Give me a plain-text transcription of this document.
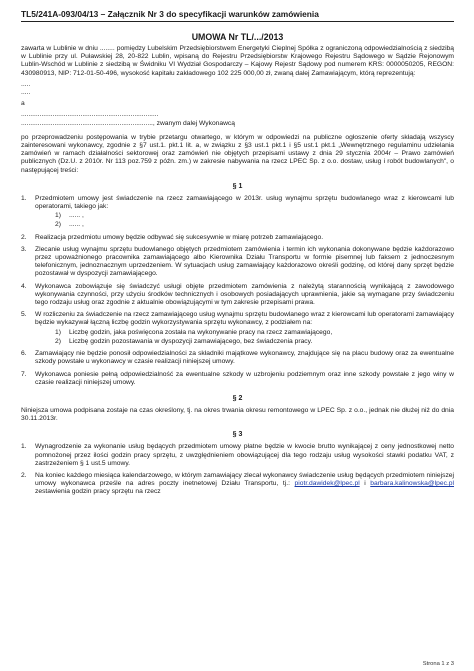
TL5/241A-093/04/13 – Załącznik Nr 3 do specyfikacji warunków zamówienia
UMOWA Nr TL/.../2013

zawarta w Lublinie w dniu ........ pomiędzy Lubelskim Przedsiębiorstwem Energetyki Cieplnej Spółka z ograniczoną odpowiedzialnością z siedzibą w Lublinie przy ul. Puławskiej 28, 20-822 Lublin, wpisaną do Rejestru Przedsiębiorstw Krajowego Rejestru Sądowego w Sądzie Rejonowym Lublin-Wschód w Lublinie z siedzibą w Świdniku VI Wydział Gospodarczy – Kajowy Rejestr Sądowy pod numerem KRS: 0000050205, REGON: 430980913, NIP: 712-01-50-496, wysokość kapitału zakładowego 102 225 000,00 zł, zwaną dalej Zamawiającym, którą reprezentują:

.....
.....
a
..........................................................................
......................................................................., zwanym dalej Wykonawcą

po przeprowadzeniu postępowania w trybie przetargu otwartego, w którym w odpowiedzi na publiczne ogłoszenie oferty składają wszyscy zainteresowani wykonawcy, zgodnie z §7 ust.1. pkt.1 lit. a, w związku z §3 ust.1 pkt.1 i §5 ust.1 pkt.1 „Wewnętrznego regulaminu udzielania zamówień w ramach działalności sektorowej oraz zamówień nie objętych przepisami ustawy z dnia 29 stycznia 2004r – Prawo zamówień publicznych (Dz.U. z 2010r. Nr 113 poz.759 z późn. zm.) w zakresie nabywania na rzecz LPEC Sp. z o.o. dostaw, usług i robót budowlanych", o następującej treści:

§ 1
1. Przedmiotem umowy jest świadczenie na rzecz zamawiającego w 2013r. usług wynajmu sprzętu budowlanego wraz z kierowcami lub operatorami, takiego jak:
1) ...... ,
2) ...... ,
2. Realizacja przedmiotu umowy będzie odbywać się sukcesywnie w miarę potrzeb zamawiającego.
3. Zlecanie usług wynajmu sprzętu budowlanego objętych przedmiotem zamówienia i termin ich wykonania dokonywane będzie każdorazowo przez upoważnionego pracownika zamawiającego albo Kierownika Działu Transportu w formie pisemnej lub faksem z jednoczesnym telefonicznym, jednoznacznym uprzedzeniem. W sytuacjach usług zamawiający każdorazowo określi godzinę, od której dany sprzęt będzie pozostawał w dyspozycji zamawiającego.
4. Wykonawca zobowiązuje się świadczyć usługi objęte przedmiotem zamówienia z należytą starannością wynikającą z zawodowego wykonywania czynności, przy użyciu środków technicznych i osobowych posiadających uprawnienia, jakie są wymagane przy świadczeniu tego rodzaju usług oraz zgodnie z aktualnie obowiązującymi w tym zakresie przepisami prawa.
5. W rozliczeniu za świadczenie na rzecz zamawiającego usług wynajmu sprzętu budowlanego wraz z kierowcami lub operatorami zamawiający będzie wykazywał łączną liczbę godzin wykorzystywania sprzętu wykonawcy, z podziałem na:
1) Liczbę godzin, jaka poświęcona została na wykonywanie pracy na rzecz zamawiającego,
2) Liczbę godzin pozostawania w dyspozycji zamawiającego, bez świadczenia pracy.
6. Zamawiający nie będzie ponosił odpowiedzialności za składniki majątkowe wykonawcy, znajdujące się na placu budowy oraz za ewentualne szkody powstałe u wykonawcy w czasie realizacji niniejszej umowy.
7. Wykonawca poniesie pełną odpowiedzialność za ewentualne szkody w uzbrojeniu podziemnym oraz inne szkody powstałe z jego winy w czasie realizacji niniejszej umowy.
§ 2

Niniejsza umowa podpisana zostaje na czas określony, tj. na okres trwania okresu remontowego w LPEC Sp. z o.o., jednak nie dłużej niż do dnia 30.11.2013r.

§ 3
1. Wynagrodzenie za wykonanie usług będących przedmiotem umowy płatne będzie w kwocie brutto wynikającej z ceny jednostkowej netto pomnożonej przez ilości godzin pracy sprzętu, z uwzględnieniem obowiązującej dla tego rodzaju usług wysokości stawki podatku VAT, z zastrzeżeniem § 1 ust.5 umowy.
2. Na koniec każdego miesiąca kalendarzowego, w którym zamawiający zlecał wykonawcy świadczenie usług będących przedmiotem niniejszej umowy wykonawca prześle na adres poczty inetnetowej Działu Transportu, tj.: piotr.dawidek@lpec.pl i barbara.kalinowska@lpec.pl zestawienia godzin pracy sprzętu na rzecz
Strona 1 z 3
